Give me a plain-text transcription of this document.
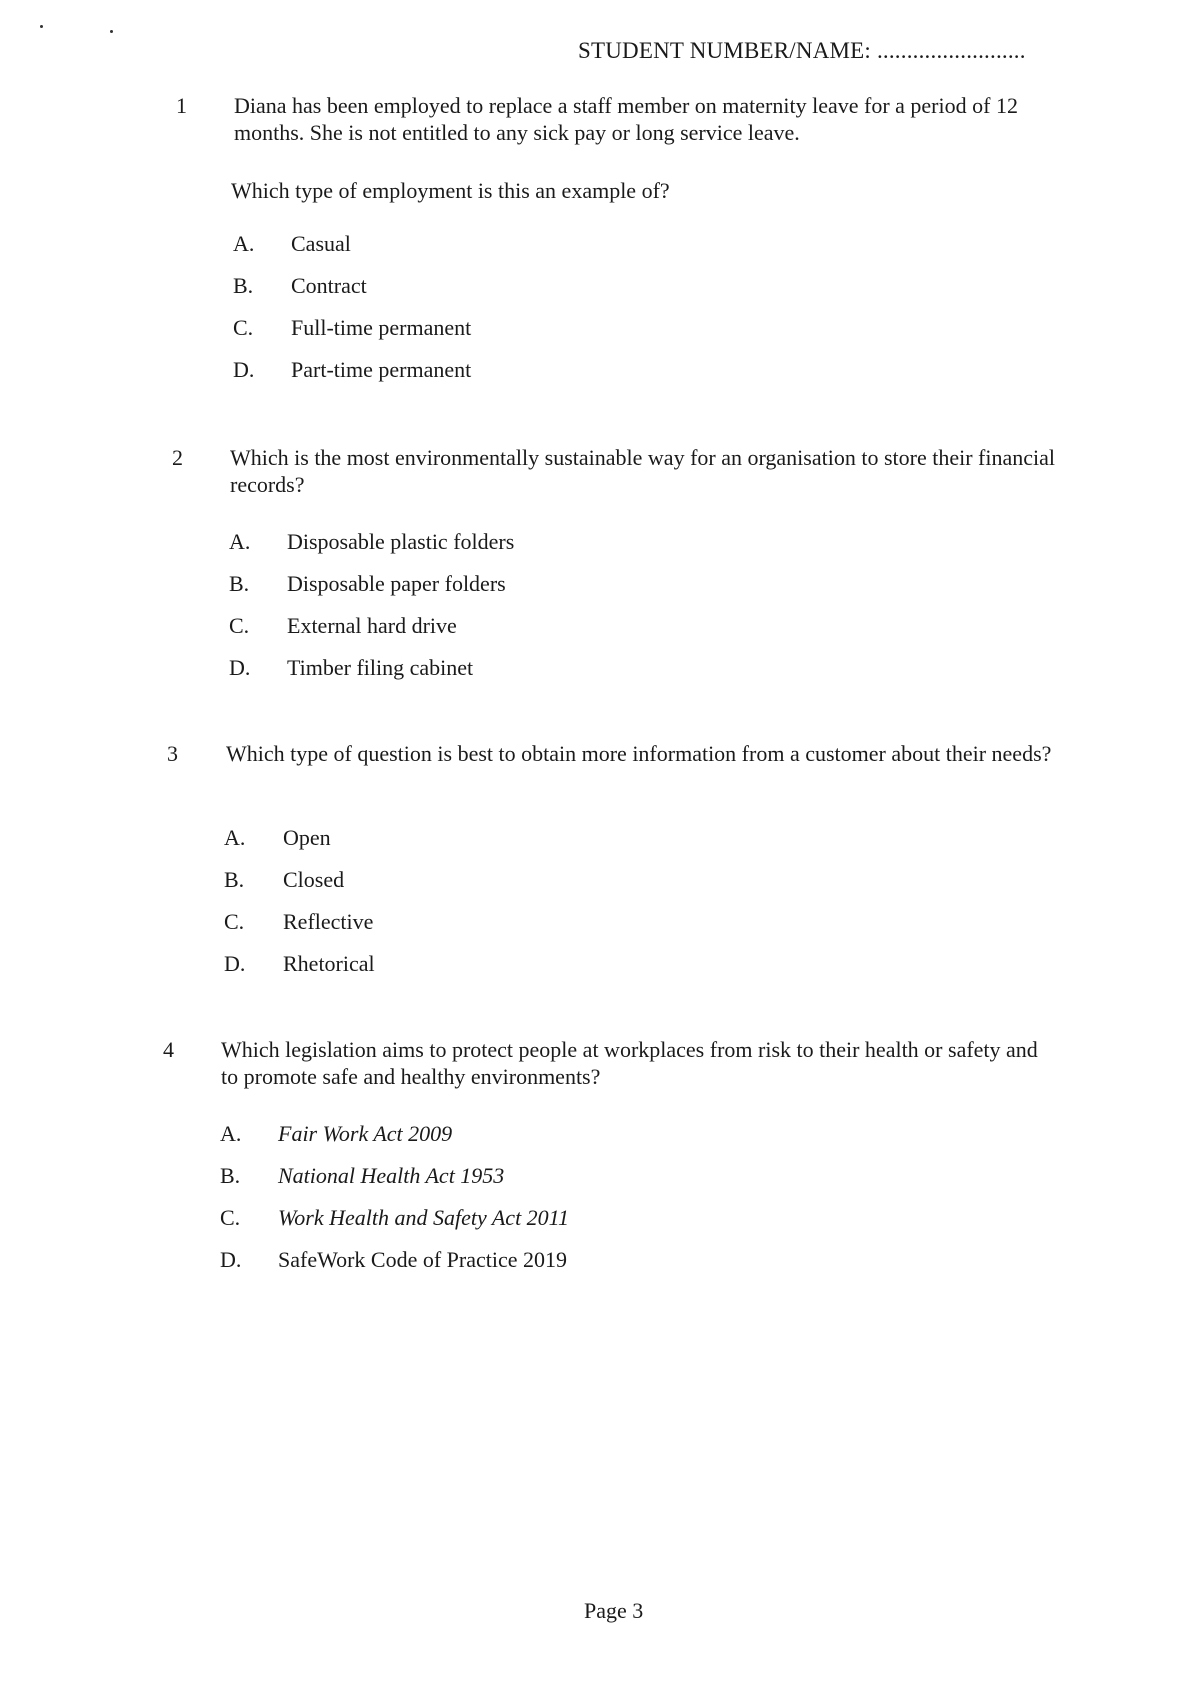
STUDENT NUMBER/NAME: .........................
1 Diana has been employed to replace a staff member on maternity leave for a period of 12 months. She is not entitled to any sick pay or long service leave.
Which type of employment is this an example of?
A. Casual
B. Contract
C. Full-time permanent
D. Part-time permanent
2 Which is the most environmentally sustainable way for an organisation to store their financial records?
A. Disposable plastic folders
B. Disposable paper folders
C. External hard drive
D. Timber filing cabinet
3 Which type of question is best to obtain more information from a customer about their needs?
A. Open
B. Closed
C. Reflective
D. Rhetorical
4 Which legislation aims to protect people at workplaces from risk to their health or safety and to promote safe and healthy environments?
A. Fair Work Act 2009
B. National Health Act 1953
C. Work Health and Safety Act 2011
D. SafeWork Code of Practice 2019
Page 3
